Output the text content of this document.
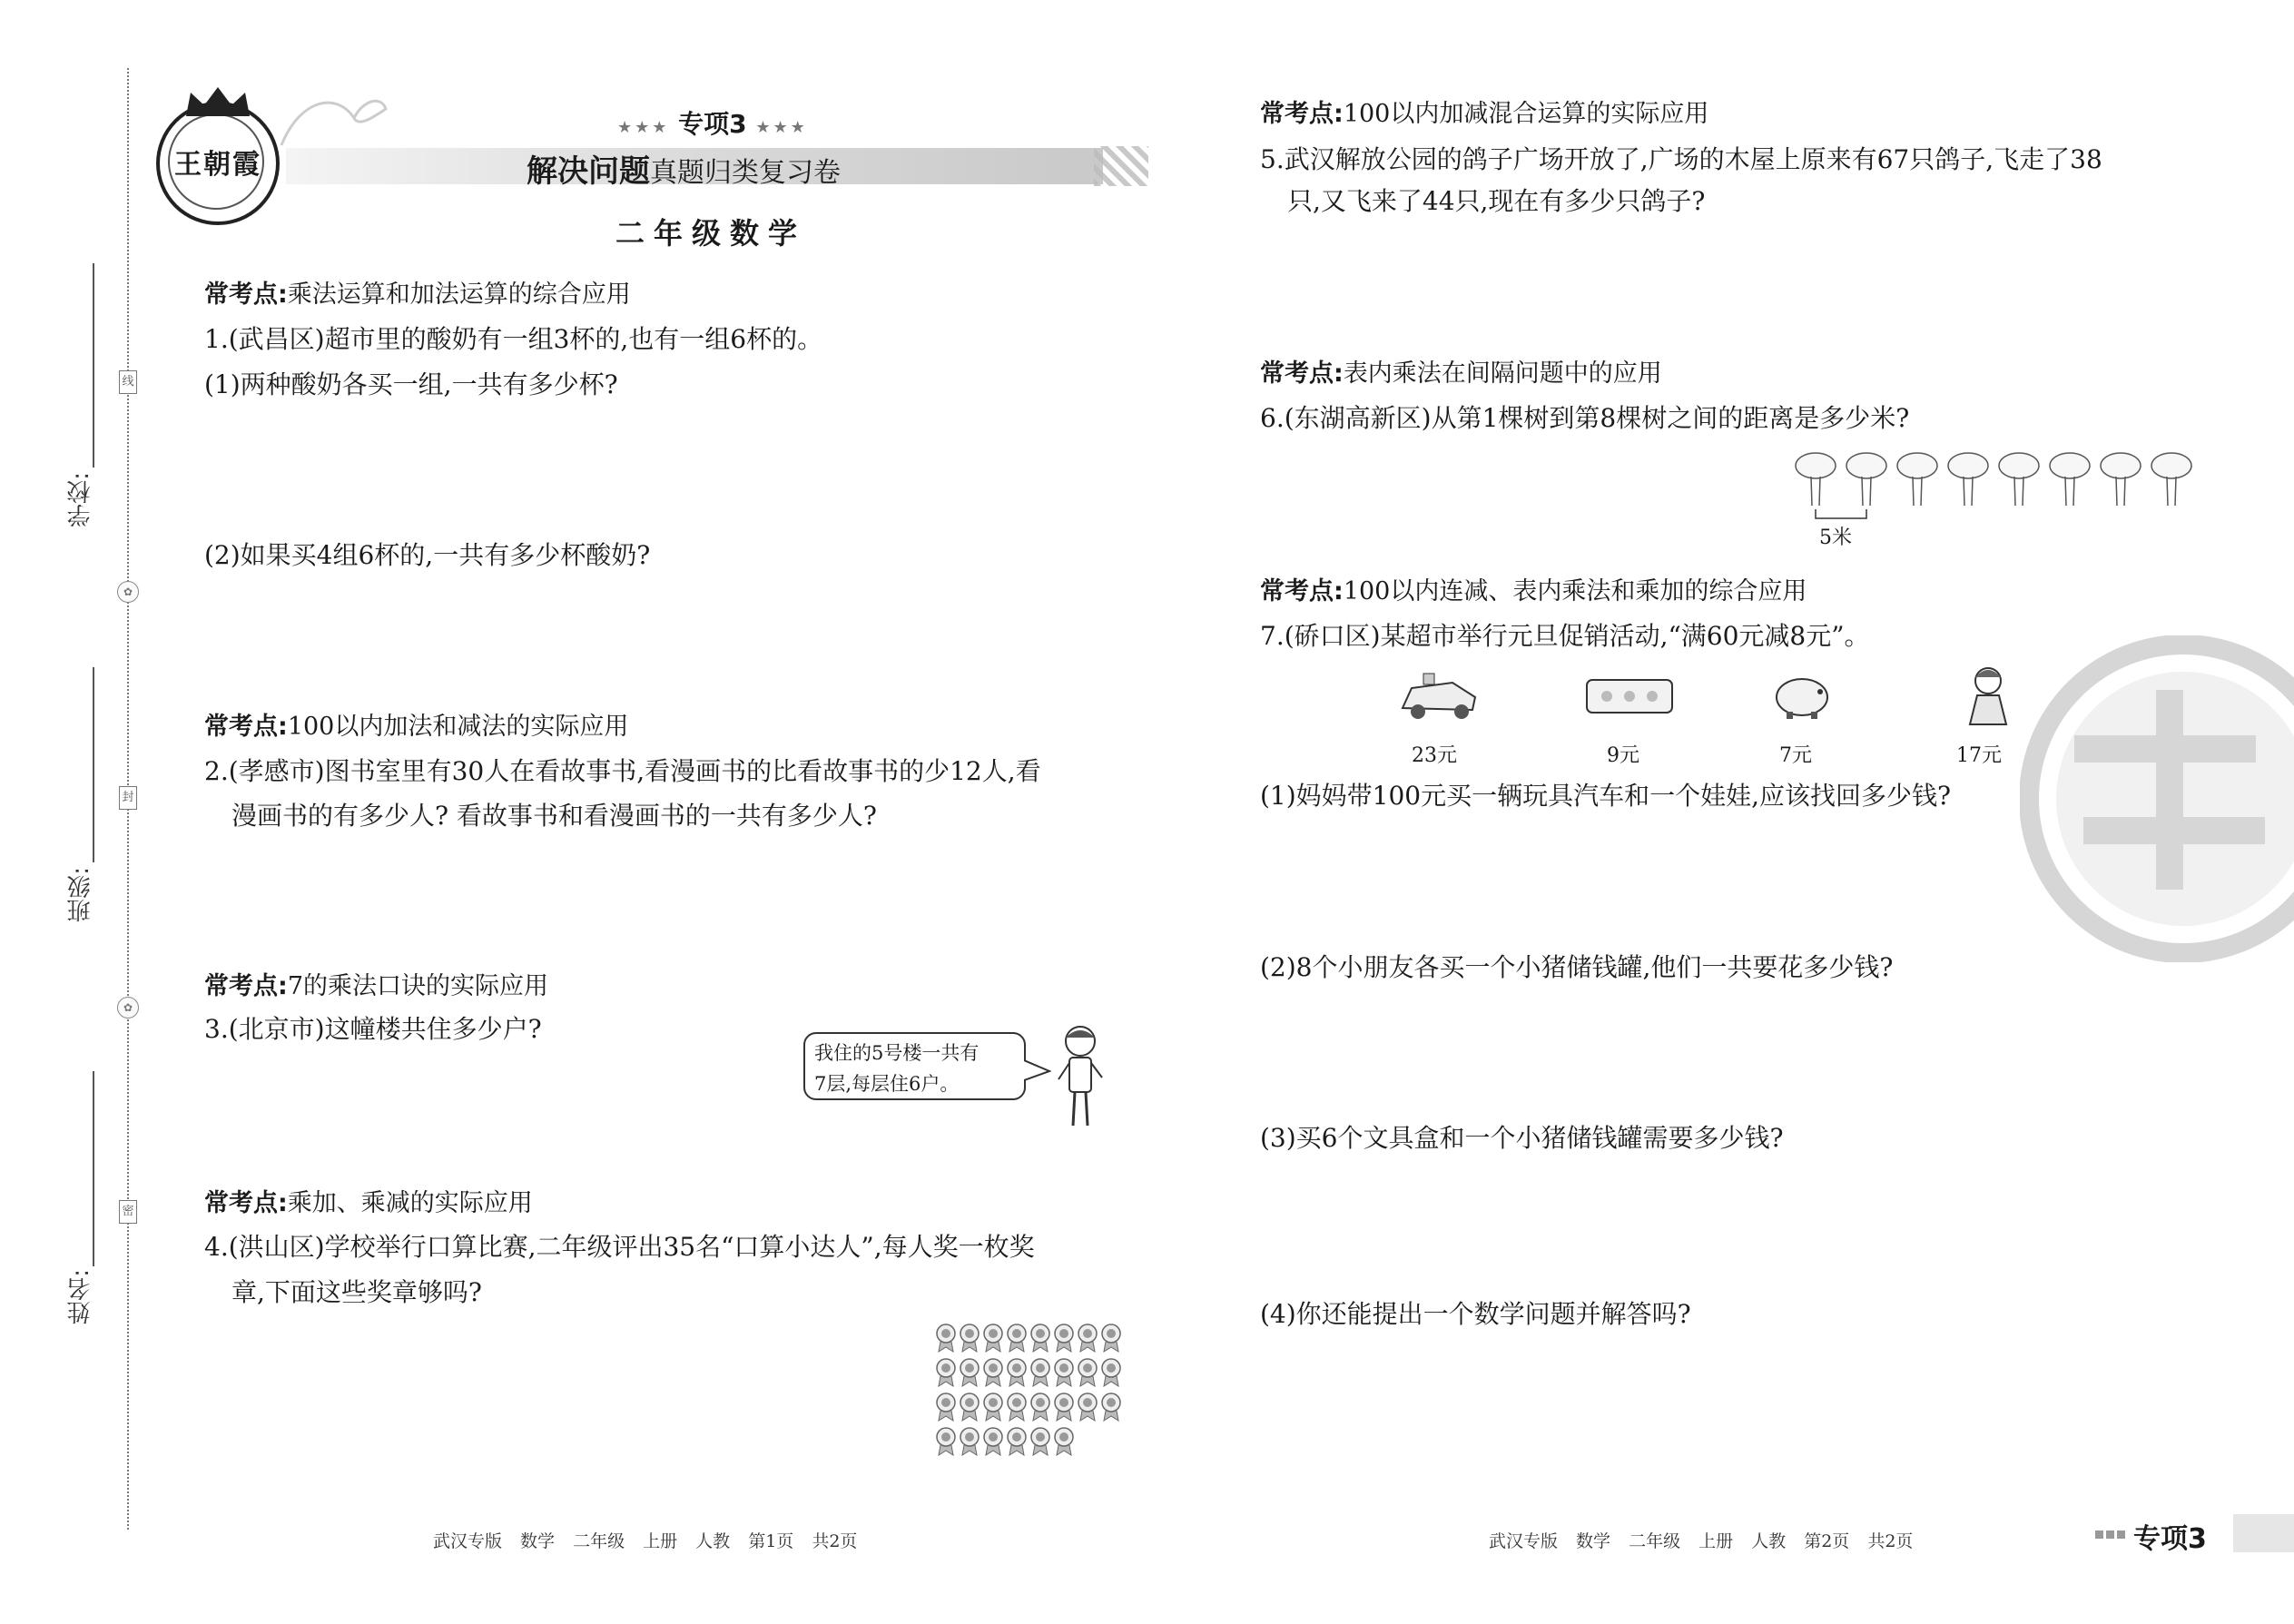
线
✿
封
✿
密
学校:
班级:
姓名:
王朝霞
★★★ 专项3 ★★★
解决问题真题归类复习卷
二年级数学
常考点:乘法运算和加法运算的综合应用
1.(武昌区)超市里的酸奶有一组3杯的,也有一组6杯的。
(1)两种酸奶各买一组,一共有多少杯?
(2)如果买4组6杯的,一共有多少杯酸奶?
常考点:100以内加法和减法的实际应用
2.(孝感市)图书室里有30人在看故事书,看漫画书的比看故事书的少12人,看
漫画书的有多少人? 看故事书和看漫画书的一共有多少人?
常考点:7的乘法口诀的实际应用
3.(北京市)这幢楼共住多少户?
我住的5号楼一共有
7层,每层住6户。
常考点:乘加、乘减的实际应用
4.(洪山区)学校举行口算比赛,二年级评出35名“口算小达人”,每人奖一枚奖
章,下面这些奖章够吗?
武汉专版 数学 二年级 上册 人教 第1页 共2页
常考点:100以内加减混合运算的实际应用
5.武汉解放公园的鸽子广场开放了,广场的木屋上原来有67只鸽子,飞走了38
只,又飞来了44只,现在有多少只鸽子?
常考点:表内乘法在间隔问题中的应用
6.(东湖高新区)从第1棵树到第8棵树之间的距离是多少米?
5米
常考点:100以内连减、表内乘法和乘加的综合应用
7.(硚口区)某超市举行元旦促销活动,“满60元减8元”。
23元	9元	7元	17元
(1)妈妈带100元买一辆玩具汽车和一个娃娃,应该找回多少钱?
(2)8个小朋友各买一个小猪储钱罐,他们一共要花多少钱?
(3)买6个文具盒和一个小猪储钱罐需要多少钱?
(4)你还能提出一个数学问题并解答吗?
武汉专版 数学 二年级 上册 人教 第2页 共2页	专项3
